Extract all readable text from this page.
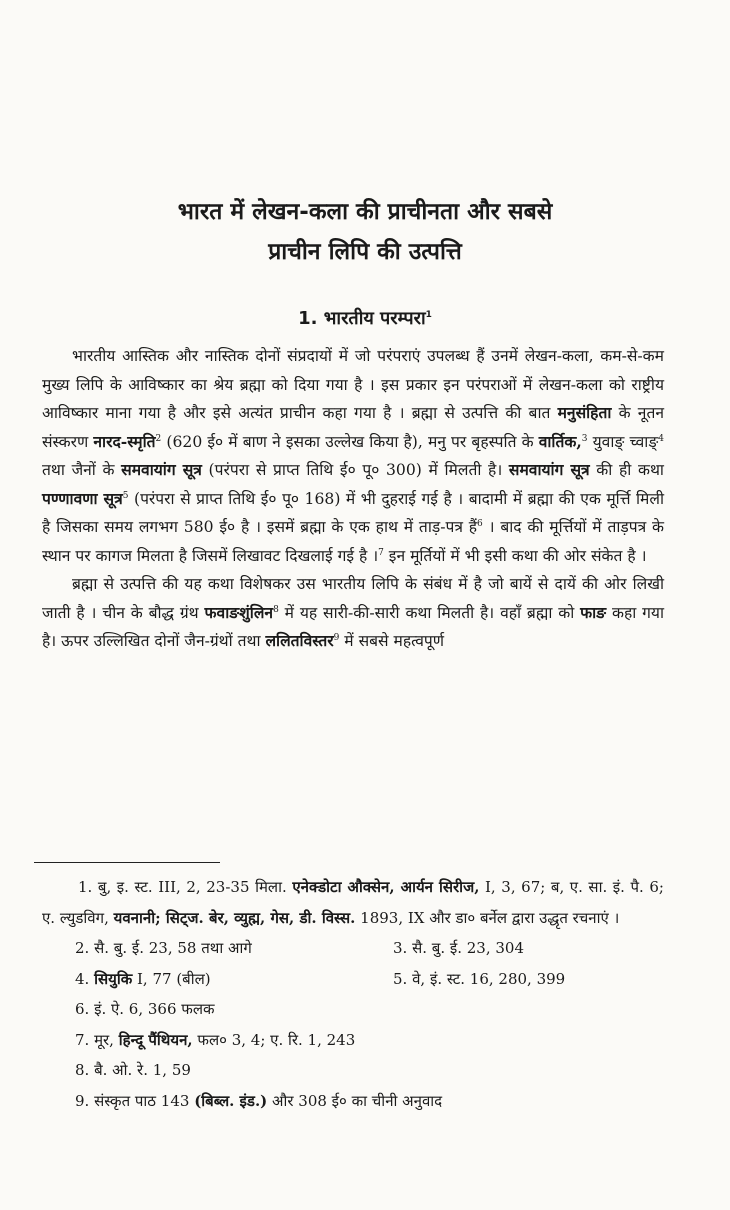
भारत में लेखन-कला की प्राचीनता और सबसे
प्राचीन लिपि की उत्पत्ति
1. भारतीय परम्परा$^1$

भारतीय आस्तिक और नास्तिक दोनों संप्रदायों में जो परंपराएं उपलब्ध हैं उनमें लेखन-कला, कम-से-कम मुख्य लिपि के आविष्कार का श्रेय ब्रह्मा को दिया गया है । इस प्रकार इन परंपराओं में लेखन-कला को राष्ट्रीय आविष्कार माना गया है और इसे अत्यंत प्राचीन कहा गया है । ब्रह्मा से उत्पत्ति की बात मनुसंहिता के नूतन संस्करण नारद-स्मृति$^2$ (620 ई० में बाण ने इसका उल्लेख किया है), मनु पर बृहस्पति के वार्तिक,$^3$ युवाङ् च्वाङ्$^4$ तथा जैनों के समवायांग सूत्र (परंपरा से प्राप्त तिथि ई० पू० 300) में मिलती है। समवायांग सूत्र की ही कथा पण्णावणा सूत्र$^5$ (परंपरा से प्राप्त तिथि ई० पू० 168) में भी दुहराई गई है । बादामी में ब्रह्मा की एक मूर्त्ति मिली है जिसका समय लगभग 580 ई० है । इसमें ब्रह्मा के एक हाथ में ताड़-पत्र हैं$^6$ । बाद की मूर्त्तियों में ताड़पत्र के स्थान पर कागज मिलता है जिसमें लिखावट दिखलाई गई है ।$^7$ इन मूर्तियों में भी इसी कथा की ओर संकेत है ।

ब्रह्मा से उत्पत्ति की यह कथा विशेषकर उस भारतीय लिपि के संबंध में है जो बायें से दायें की ओर लिखी जाती है । चीन के बौद्ध ग्रंथ फवाङशुंलिन$^8$ में यह सारी-की-सारी कथा मिलती है। वहाँ ब्रह्मा को फाङ कहा गया है। ऊपर उल्लिखित दोनों जैन-ग्रंथों तथा ललितविस्तर$^9$ में सबसे महत्वपूर्ण

1. बु, इ. स्ट. III, 2, 23-35 मिला. एनेक्डोटा औक्सेन, आर्यन सिरीज, I, 3, 67; ब, ए. सा. इं. पै. 6; ए. ल्युडविग, यवनानी; सिट्ज. बेर, व्युह्म, गेस, डी. विस्स. 1893, IX और डा० बर्नेल द्वारा उद्धृत रचनाएं ।

2. सै. बु. ई. 23, 58 तथा आगे	3. सै. बु. ई. 23, 304
4. सियुकि I, 77 (बील)	5. वे, इं. स्ट. 16, 280, 399
6. इं. ऐ. 6, 366 फलक
7. मूर, हिन्दू पैंथियन, फल० 3, 4; ए. रि. 1, 243
8. बै. ओ. रे. 1, 59
9. संस्कृत पाठ 143 (बिब्ल. इंड.) और 308 ई० का चीनी अनुवाद
